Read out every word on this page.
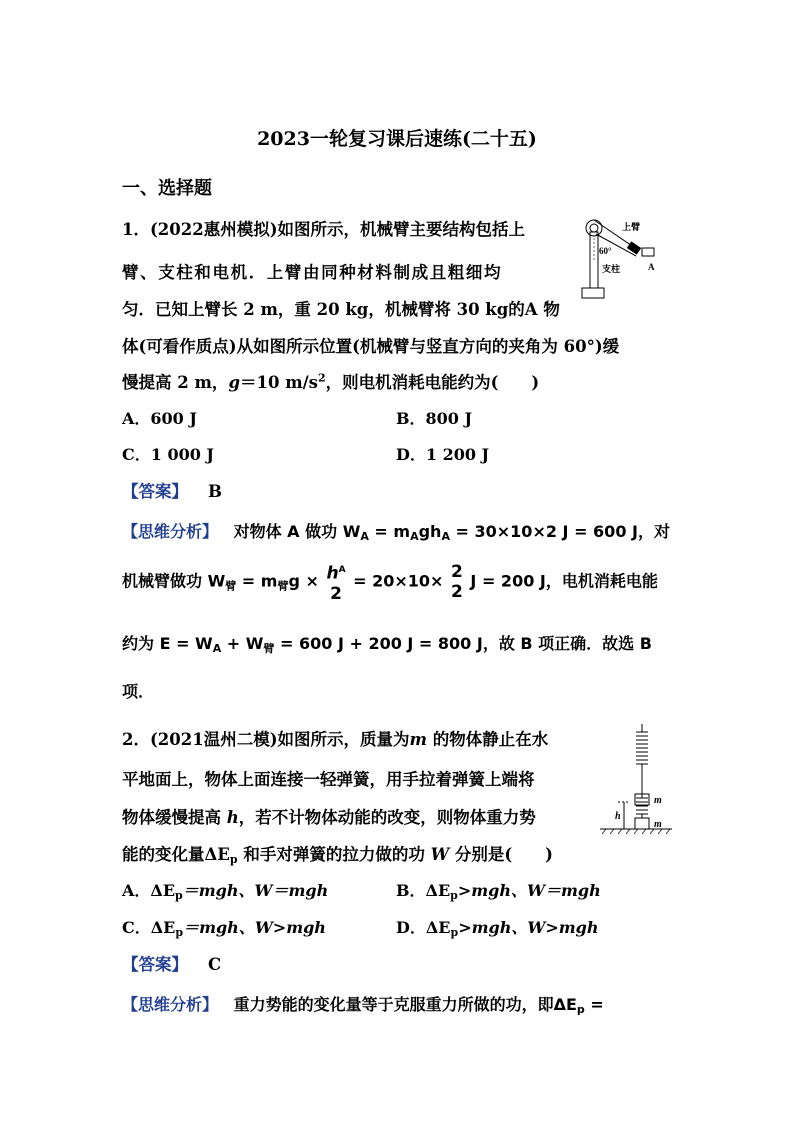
2023一轮复习课后速练(二十五)
一、选择题
1．(2022惠州模拟)如图所示，机械臂主要结构包括上
臂、支柱和电机．上臂由同种材料制成且粗细均
匀．已知上臂长 2 m，重 20 kg，机械臂将 30 kg的A 物
体(可看作质点)从如图所示位置(机械臂与竖直方向的夹角为 60°)缓
慢提高 2 m，g＝10 $m/s^2$，则电机消耗电能约为(　　)
A．600 J	B．800 J
C．1 000 J	D．1 200 J
【答案】 B
【思维分析】 对物体 A 做功 $W_A = m_Agh_A = 30\times 10\times 2$ J = 600 J，对
机械臂做功 $W_臂 = m_臂g \times h^A$
2
= 20×10× 2
2
J = 200 J，电机消耗电能
约为 $E = W_A + W_臂 = 600$ J + 200 J = 800 J，故 B 项正确．故选 B
项．
60°
上臂
支柱	A
2．(2021温州二模)如图所示，质量为m 的物体静止在水
平地面上，物体上面连接一轻弹簧，用手拉着弹簧上端将
物体缓慢提高 h，若不计物体动能的改变，则物体重力势
能的变化量$\Delta E_p$ 和手对弹簧的拉力做的功 W 分别是(　　)
A．$\Delta E_p=mgh$、W＝mgh	B．$\Delta E_p>mgh$、W＝mgh
C．$\Delta E_p=mgh$、W>mgh	D．$\Delta E_p>mgh$、W>mgh
【答案】 C
【思维分析】 重力势能的变化量等于克服重力所做的功，即$\Delta E_p$ =
m
m
h
